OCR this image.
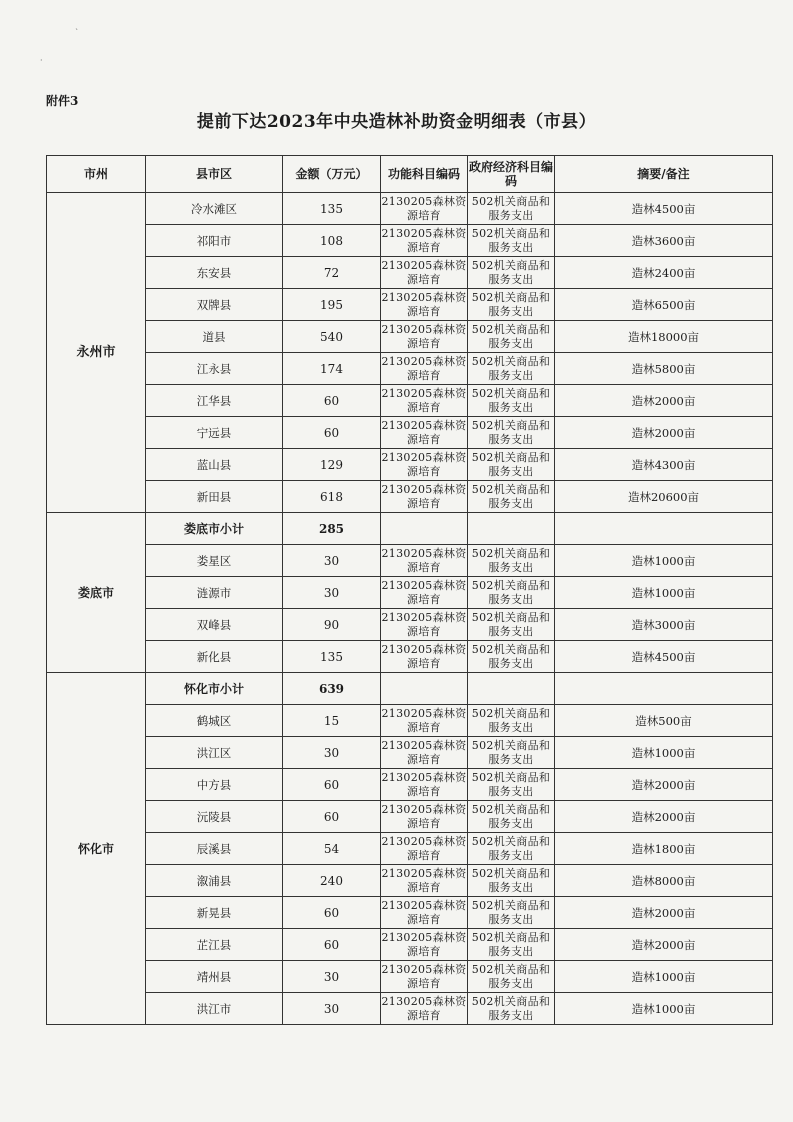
`
·
附件3
提前下达2023年中央造林补助资金明细表（市县）
市州	县市区	金额（万元）	功能科目编码	政府经济科目编码	摘要/备注
永州市	冷水滩区	135	2130205森林资源培育	502机关商品和服务支出	造林4500亩
	祁阳市	108	2130205森林资源培育	502机关商品和服务支出	造林3600亩
	东安县	72	2130205森林资源培育	502机关商品和服务支出	造林2400亩
	双牌县	195	2130205森林资源培育	502机关商品和服务支出	造林6500亩
	道县	540	2130205森林资源培育	502机关商品和服务支出	造林18000亩
	江永县	174	2130205森林资源培育	502机关商品和服务支出	造林5800亩
	江华县	60	2130205森林资源培育	502机关商品和服务支出	造林2000亩
	宁远县	60	2130205森林资源培育	502机关商品和服务支出	造林2000亩
	蓝山县	129	2130205森林资源培育	502机关商品和服务支出	造林4300亩
	新田县	618	2130205森林资源培育	502机关商品和服务支出	造林20600亩
娄底市	娄底市小计	285			
	娄星区	30	2130205森林资源培育	502机关商品和服务支出	造林1000亩
	涟源市	30	2130205森林资源培育	502机关商品和服务支出	造林1000亩
	双峰县	90	2130205森林资源培育	502机关商品和服务支出	造林3000亩
	新化县	135	2130205森林资源培育	502机关商品和服务支出	造林4500亩
怀化市	怀化市小计	639			
	鹤城区	15	2130205森林资源培育	502机关商品和服务支出	造林500亩
	洪江区	30	2130205森林资源培育	502机关商品和服务支出	造林1000亩
	中方县	60	2130205森林资源培育	502机关商品和服务支出	造林2000亩
	沅陵县	60	2130205森林资源培育	502机关商品和服务支出	造林2000亩
	辰溪县	54	2130205森林资源培育	502机关商品和服务支出	造林1800亩
	溆浦县	240	2130205森林资源培育	502机关商品和服务支出	造林8000亩
	新晃县	60	2130205森林资源培育	502机关商品和服务支出	造林2000亩
	芷江县	60	2130205森林资源培育	502机关商品和服务支出	造林2000亩
	靖州县	30	2130205森林资源培育	502机关商品和服务支出	造林1000亩
	洪江市	30	2130205森林资源培育	502机关商品和服务支出	造林1000亩
